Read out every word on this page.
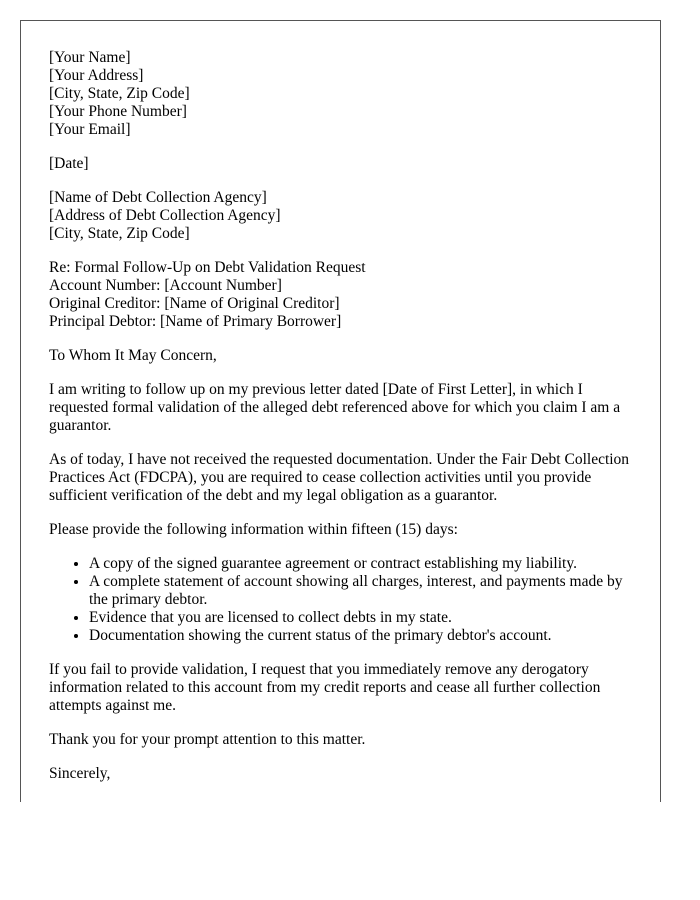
[Your Name]
[Your Address]
[City, State, Zip Code]
[Your Phone Number]
[Your Email]
[Date]
[Name of Debt Collection Agency]
[Address of Debt Collection Agency]
[City, State, Zip Code]
Re: Formal Follow-Up on Debt Validation Request
Account Number: [Account Number]
Original Creditor: [Name of Original Creditor]
Principal Debtor: [Name of Primary Borrower]

To Whom It May Concern,

I am writing to follow up on my previous letter dated [Date of First Letter], in which I requested formal validation of the alleged debt referenced above for which you claim I am a guarantor.

As of today, I have not received the requested documentation. Under the Fair Debt Collection Practices Act (FDCPA), you are required to cease collection activities until you provide sufficient verification of the debt and my legal obligation as a guarantor.

Please provide the following information within fifteen (15) days:

• A copy of the signed guarantee agreement or contract establishing my liability.
• A complete statement of account showing all charges, interest, and payments made by the primary debtor.
• Evidence that you are licensed to collect debts in my state.
• Documentation showing the current status of the primary debtor's account.

If you fail to provide validation, I request that you immediately remove any derogatory information related to this account from my credit reports and cease all further collection attempts against me.

Thank you for your prompt attention to this matter.

Sincerely,
